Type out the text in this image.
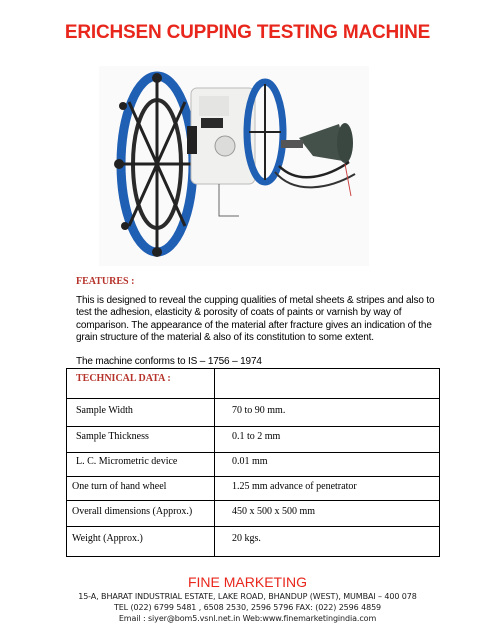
ERICHSEN CUPPING TESTING MACHINE
FEATURES :
This is designed to reveal the cupping qualities of metal sheets & stripes and also to test the adhesion, elasticity & porosity of coats of paints or varnish by way of comparison. The appearance of the material after fracture gives an indication of the grain structure of the material & also of its constitution to some extent.
The machine conforms to IS – 1756 – 1974
TECHNICAL DATA :
Sample Width	70 to 90 mm.
Sample Thickness	0.1 to 2 mm
L. C. Micrometric device	0.01 mm
One turn of hand wheel	1.25 mm advance of penetrator
Overall dimensions (Approx.)	450 x 500 x 500 mm
Weight (Approx.)	20 kgs.
FINE MARKETING
15-A, BHARAT INDUSTRIAL ESTATE, LAKE ROAD, BHANDUP (WEST), MUMBAI – 400 078
TEL (022) 6799 5481 , 6508 2530, 2596 5796 FAX: (022) 2596 4859
Email : siyer@bom5.vsnl.net.in Web:www.finemarketingindia.com
